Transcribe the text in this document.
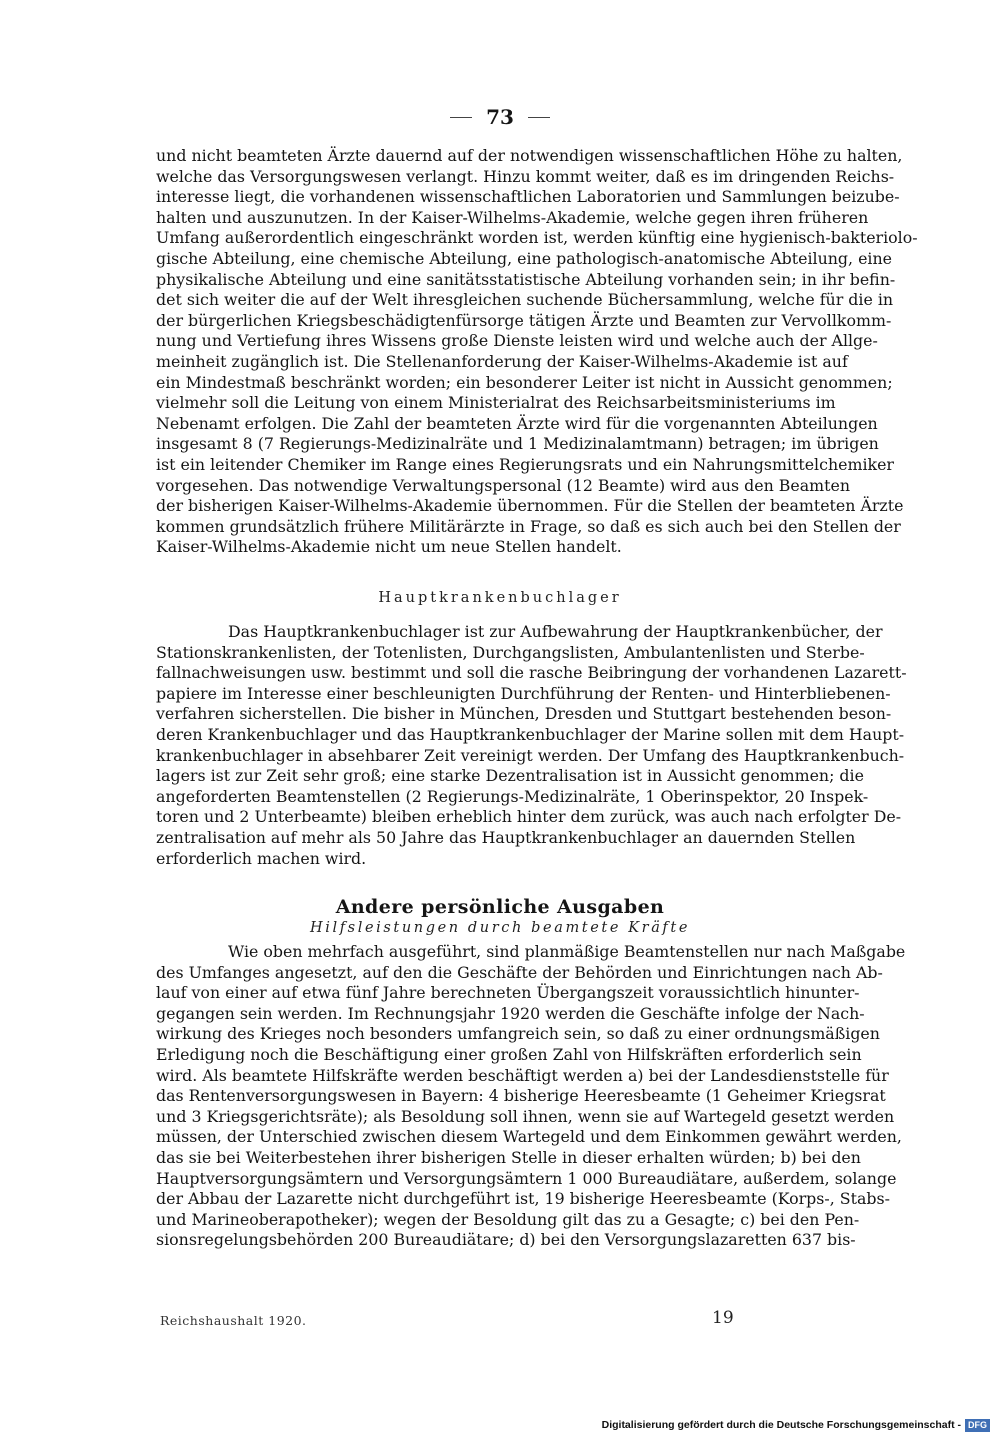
73
und nicht beamteten Ärzte dauernd auf der notwendigen wissenschaftlichen Höhe zu halten,
welche das Versorgungswesen verlangt. Hinzu kommt weiter, daß es im dringenden Reichs-
interesse liegt, die vorhandenen wissenschaftlichen Laboratorien und Sammlungen beizube-
halten und auszunutzen. In der Kaiser-Wilhelms-Akademie, welche gegen ihren früheren
Umfang außerordentlich eingeschränkt worden ist, werden künftig eine hygienisch-bakteriolo-
gische Abteilung, eine chemische Abteilung, eine pathologisch-anatomische Abteilung, eine
physikalische Abteilung und eine sanitätsstatistische Abteilung vorhanden sein; in ihr befin-
det sich weiter die auf der Welt ihresgleichen suchende Büchersammlung, welche für die in
der bürgerlichen Kriegsbeschädigtenfürsorge tätigen Ärzte und Beamten zur Vervollkomm-
nung und Vertiefung ihres Wissens große Dienste leisten wird und welche auch der Allge-
meinheit zugänglich ist. Die Stellenanforderung der Kaiser-Wilhelms-Akademie ist auf
ein Mindestmaß beschränkt worden; ein besonderer Leiter ist nicht in Aussicht genommen;
vielmehr soll die Leitung von einem Ministerialrat des Reichsarbeitsministeriums im
Nebenamt erfolgen. Die Zahl der beamteten Ärzte wird für die vorgenannten Abteilungen
insgesamt 8 (7 Regierungs-Medizinalräte und 1 Medizinalamtmann) betragen; im übrigen
ist ein leitender Chemiker im Range eines Regierungsrats und ein Nahrungsmittelchemiker
vorgesehen. Das notwendige Verwaltungspersonal (12 Beamte) wird aus den Beamten
der bisherigen Kaiser-Wilhelms-Akademie übernommen. Für die Stellen der beamteten Ärzte
kommen grundsätzlich frühere Militärärzte in Frage, so daß es sich auch bei den Stellen der
Kaiser-Wilhelms-Akademie nicht um neue Stellen handelt.
Hauptkrankenbuchlager
Das Hauptkrankenbuchlager ist zur Aufbewahrung der Hauptkrankenbücher, der
Stationskrankenlisten, der Totenlisten, Durchgangslisten, Ambulantenlisten und Sterbe-
fallnachweisungen usw. bestimmt und soll die rasche Beibringung der vorhandenen Lazarett-
papiere im Interesse einer beschleunigten Durchführung der Renten- und Hinterbliebenen-
verfahren sicherstellen. Die bisher in München, Dresden und Stuttgart bestehenden beson-
deren Krankenbuchlager und das Hauptkrankenbuchlager der Marine sollen mit dem Haupt-
krankenbuchlager in absehbarer Zeit vereinigt werden. Der Umfang des Hauptkrankenbuch-
lagers ist zur Zeit sehr groß; eine starke Dezentralisation ist in Aussicht genommen; die
angeforderten Beamtenstellen (2 Regierungs-Medizinalräte, 1 Oberinspektor, 20 Inspek-
toren und 2 Unterbeamte) bleiben erheblich hinter dem zurück, was auch nach erfolgter De-
zentralisation auf mehr als 50 Jahre das Hauptkrankenbuchlager an dauernden Stellen
erforderlich machen wird.
Andere persönliche Ausgaben
Hilfsleistungen durch beamtete Kräfte
Wie oben mehrfach ausgeführt, sind planmäßige Beamtenstellen nur nach Maßgabe
des Umfanges angesetzt, auf den die Geschäfte der Behörden und Einrichtungen nach Ab-
lauf von einer auf etwa fünf Jahre berechneten Übergangszeit voraussichtlich hinunter-
gegangen sein werden. Im Rechnungsjahr 1920 werden die Geschäfte infolge der Nach-
wirkung des Krieges noch besonders umfangreich sein, so daß zu einer ordnungsmäßigen
Erledigung noch die Beschäftigung einer großen Zahl von Hilfskräften erforderlich sein
wird. Als beamtete Hilfskräfte werden beschäftigt werden a) bei der Landesdienststelle für
das Rentenversorgungswesen in Bayern: 4 bisherige Heeresbeamte (1 Geheimer Kriegsrat
und 3 Kriegsgerichtsräte); als Besoldung soll ihnen, wenn sie auf Wartegeld gesetzt werden
müssen, der Unterschied zwischen diesem Wartegeld und dem Einkommen gewährt werden,
das sie bei Weiterbestehen ihrer bisherigen Stelle in dieser erhalten würden; b) bei den
Hauptversorgungsämtern und Versorgungsämtern 1 000 Bureaudiätare, außerdem, solange
der Abbau der Lazarette nicht durchgeführt ist, 19 bisherige Heeresbeamte (Korps-, Stabs-
und Marineoberapotheker); wegen der Besoldung gilt das zu a Gesagte; c) bei den Pen-
sionsregelungsbehörden 200 Bureaudiätare; d) bei den Versorgungslazaretten 637 bis-
Reichshaushalt 1920.	19
Digitalisierung gefördert durch die Deutsche Forschungsgemeinschaft - DFG
